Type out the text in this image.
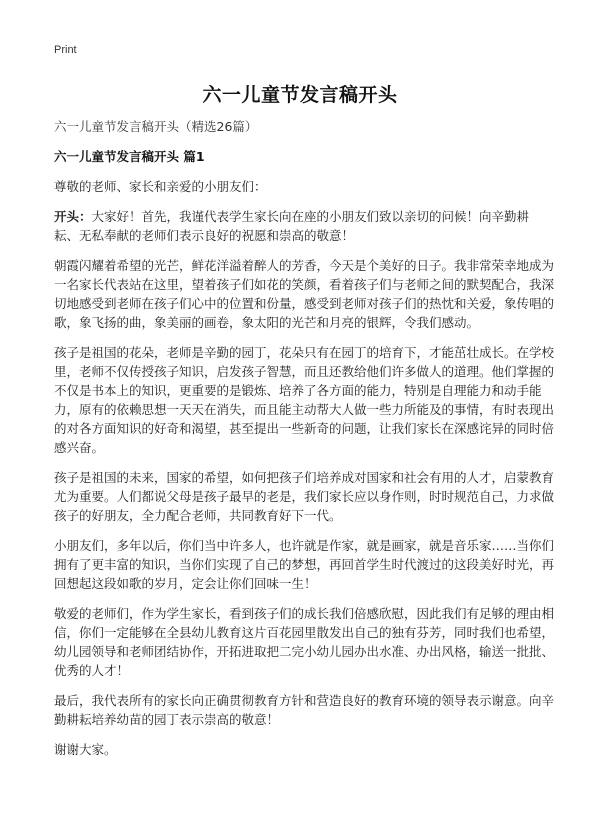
Print
六一儿童节发言稿开头

六一儿童节发言稿开头（精选26篇）

六一儿童节发言稿开头 篇1

尊敬的老师、家长和亲爱的小朋友们：

开头：大家好！首先，我谨代表学生家长向在座的小朋友们致以亲切的问候！向辛勤耕耘、无私奉献的老师们表示良好的祝愿和崇高的敬意！

朝霞闪耀着希望的光芒，鲜花洋溢着醉人的芳香，今天是个美好的日子。我非常荣幸地成为一名家长代表站在这里，望着孩子们如花的笑颜，看着孩子们与老师之间的默契配合，我深切地感受到老师在孩子们心中的位置和份量，感受到老师对孩子们的热忱和关爱，象传唱的歌，象飞扬的曲，象美丽的画卷，象太阳的光芒和月亮的银辉，令我们感动。

孩子是祖国的花朵，老师是辛勤的园丁，花朵只有在园丁的培育下，才能茁壮成长。在学校里，老师不仅传授孩子知识，启发孩子智慧，而且还教给他们许多做人的道理。他们掌握的不仅是书本上的知识，更重要的是锻炼、培养了各方面的能力，特别是自理能力和动手能力，原有的依赖思想一天天在消失，而且能主动帮大人做一些力所能及的事情，有时表现出的对各方面知识的好奇和渴望，甚至提出一些新奇的问题，让我们家长在深感诧异的同时倍感兴奋。

孩子是祖国的未来，国家的希望，如何把孩子们培养成对国家和社会有用的人才，启蒙教育尤为重要。人们都说父母是孩子最早的老是，我们家长应以身作则，时时规范自己，力求做孩子的好朋友，全力配合老师，共同教育好下一代。

小朋友们，多年以后，你们当中许多人，也许就是作家，就是画家，就是音乐家……当你们拥有了更丰富的知识，当你们实现了自己的梦想，再回首学生时代渡过的这段美好时光，再回想起这段如歌的岁月，定会让你们回味一生！

敬爱的老师们，作为学生家长，看到孩子们的成长我们倍感欣慰，因此我们有足够的理由相信，你们一定能够在全县幼儿教育这片百花园里散发出自己的独有芬芳，同时我们也希望，幼儿园领导和老师团结协作，开拓进取把二完小幼儿园办出水准、办出风格，输送一批批、优秀的人才！

最后，我代表所有的家长向正确贯彻教育方针和营造良好的教育环境的领导表示谢意。向辛勤耕耘培养幼苗的园丁表示崇高的敬意！

谢谢大家。
